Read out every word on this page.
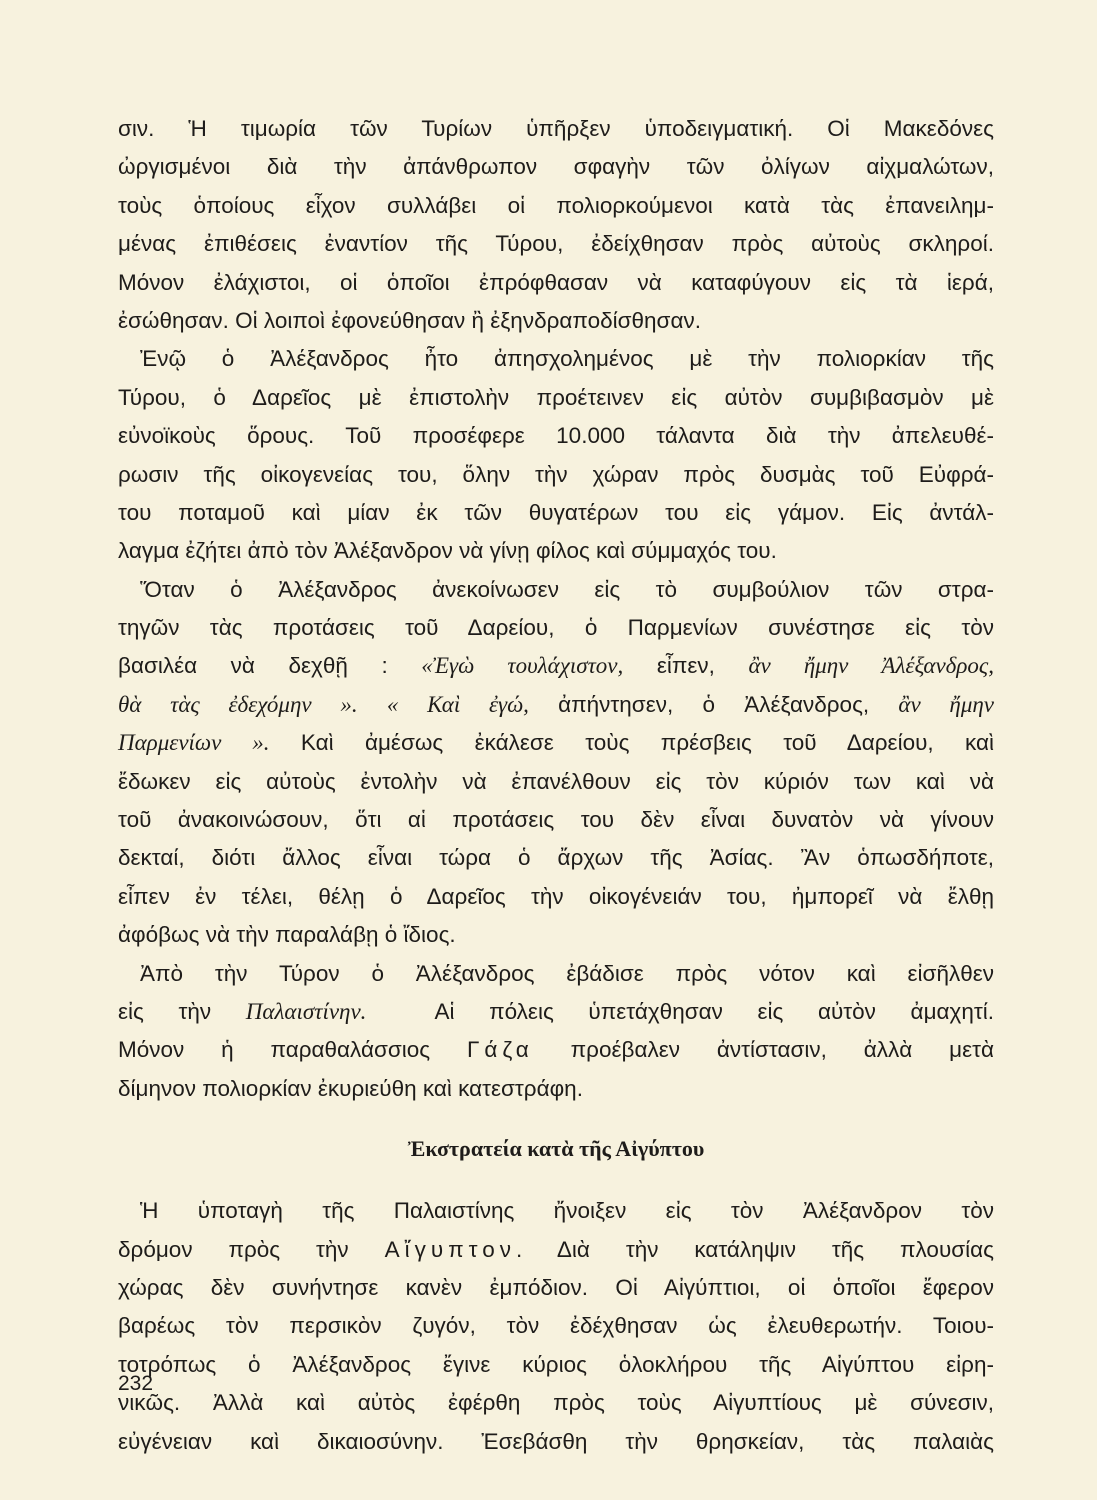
σιν. Ἡ τιμωρία τῶν Τυρίων ὑπῆρξεν ὑποδειγματική. Οἱ Μακεδόνες
ὠργισμένοι διὰ τὴν ἀπάνθρωπον σφαγὴν τῶν ὀλίγων αἰχμαλώτων,
τοὺς ὁποίους εἶχον συλλάβει οἱ πολιορκούμενοι κατὰ τὰς ἐπανειλημ-
μένας ἐπιθέσεις ἐναντίον τῆς Τύρου, ἐδείχθησαν πρὸς αὐτοὺς σκληροί.
Μόνον ἐλάχιστοι, οἱ ὁποῖοι ἐπρόφθασαν νὰ καταφύγουν εἰς τὰ ἱερά,
ἐσώθησαν. Οἱ λοιποὶ ἐφονεύθησαν ἢ ἐξηνδραποδίσθησαν.
Ἐνῷ ὁ Ἀλέξανδρος ἦτο ἀπησχολημένος μὲ τὴν πολιορκίαν τῆς
Τύρου, ὁ Δαρεῖος μὲ ἐπιστολὴν προέτεινεν εἰς αὐτὸν συμβιβασμὸν μὲ
εὐνοϊκοὺς ὅρους. Τοῦ προσέφερε 10.000 τάλαντα διὰ τὴν ἀπελευθέ-
ρωσιν τῆς οἰκογενείας του, ὅλην τὴν χώραν πρὸς δυσμὰς τοῦ Εὐφρά-
του ποταμοῦ καὶ μίαν ἐκ τῶν θυγατέρων του εἰς γάμον. Εἰς ἀντάλ-
λαγμα ἐζήτει ἀπὸ τὸν Ἀλέξανδρον νὰ γίνῃ φίλος καὶ σύμμαχός του.
Ὅταν ὁ Ἀλέξανδρος ἀνεκοίνωσεν εἰς τὸ συμβούλιον τῶν στρα-
τηγῶν τὰς προτάσεις τοῦ Δαρείου, ὁ Παρμενίων συνέστησε εἰς τὸν
βασιλέα νὰ δεχθῇ : «Ἐγὼ τουλάχιστον, εἶπεν, ἂν ἤμην Ἀλέξανδρος,
θὰ τὰς ἐδεχόμην ». « Καὶ ἐγώ, ἀπήντησεν, ὁ Ἀλέξανδρος, ἂν ἤμην
Παρμενίων ». Καὶ ἀμέσως ἐκάλεσε τοὺς πρέσβεις τοῦ Δαρείου, καὶ
ἔδωκεν εἰς αὐτοὺς ἐντολὴν νὰ ἐπανέλθουν εἰς τὸν κύριόν των καὶ νὰ
τοῦ ἀνακοινώσουν, ὅτι αἱ προτάσεις του δὲν εἶναι δυνατὸν νὰ γίνουν
δεκταί, διότι ἄλλος εἶναι τώρα ὁ ἄρχων τῆς Ἀσίας. Ἂν ὁπωσδήποτε,
εἶπεν ἐν τέλει, θέλῃ ὁ Δαρεῖος τὴν οἰκογένειάν του, ἠμπορεῖ νὰ ἔλθῃ
ἀφόβως νὰ τὴν παραλάβῃ ὁ ἴδιος.
Ἀπὸ τὴν Τύρον ὁ Ἀλέξανδρος ἐβάδισε πρὸς νότον καὶ εἰσῆλθεν
εἰς τὴν Παλαιστίνην.  Αἱ πόλεις ὑπετάχθησαν εἰς αὐτὸν ἀμαχητί.
Μόνον ἡ παραθαλάσσιος Γάζα προέβαλεν ἀντίστασιν, ἀλλὰ μετὰ
δίμηνον πολιορκίαν ἐκυριεύθη καὶ κατεστράφη.
Ἐκστρατεία κατὰ τῆς Αἰγύπτου
Ἡ ὑποταγὴ τῆς Παλαιστίνης ἤνοιξεν εἰς τὸν Ἀλέξανδρον τὸν
δρόμον πρὸς τὴν Αἴγυπτον. Διὰ τὴν κατάληψιν τῆς πλουσίας
χώρας δὲν συνήντησε κανὲν ἐμπόδιον. Οἱ Αἰγύπτιοι, οἱ ὁποῖοι ἔφερον
βαρέως τὸν περσικὸν ζυγόν, τὸν ἐδέχθησαν ὡς ἐλευθερωτήν. Τοιου-
τοτρόπως ὁ Ἀλέξανδρος ἔγινε κύριος ὁλοκλήρου τῆς Αἰγύπτου εἰρη-
νικῶς. Ἀλλὰ καὶ αὐτὸς ἐφέρθη πρὸς τοὺς Αἰγυπτίους μὲ σύνεσιν,
εὐγένειαν καὶ δικαιοσύνην. Ἐσεβάσθη τὴν θρησκείαν, τὰς παλαιὰς
232
